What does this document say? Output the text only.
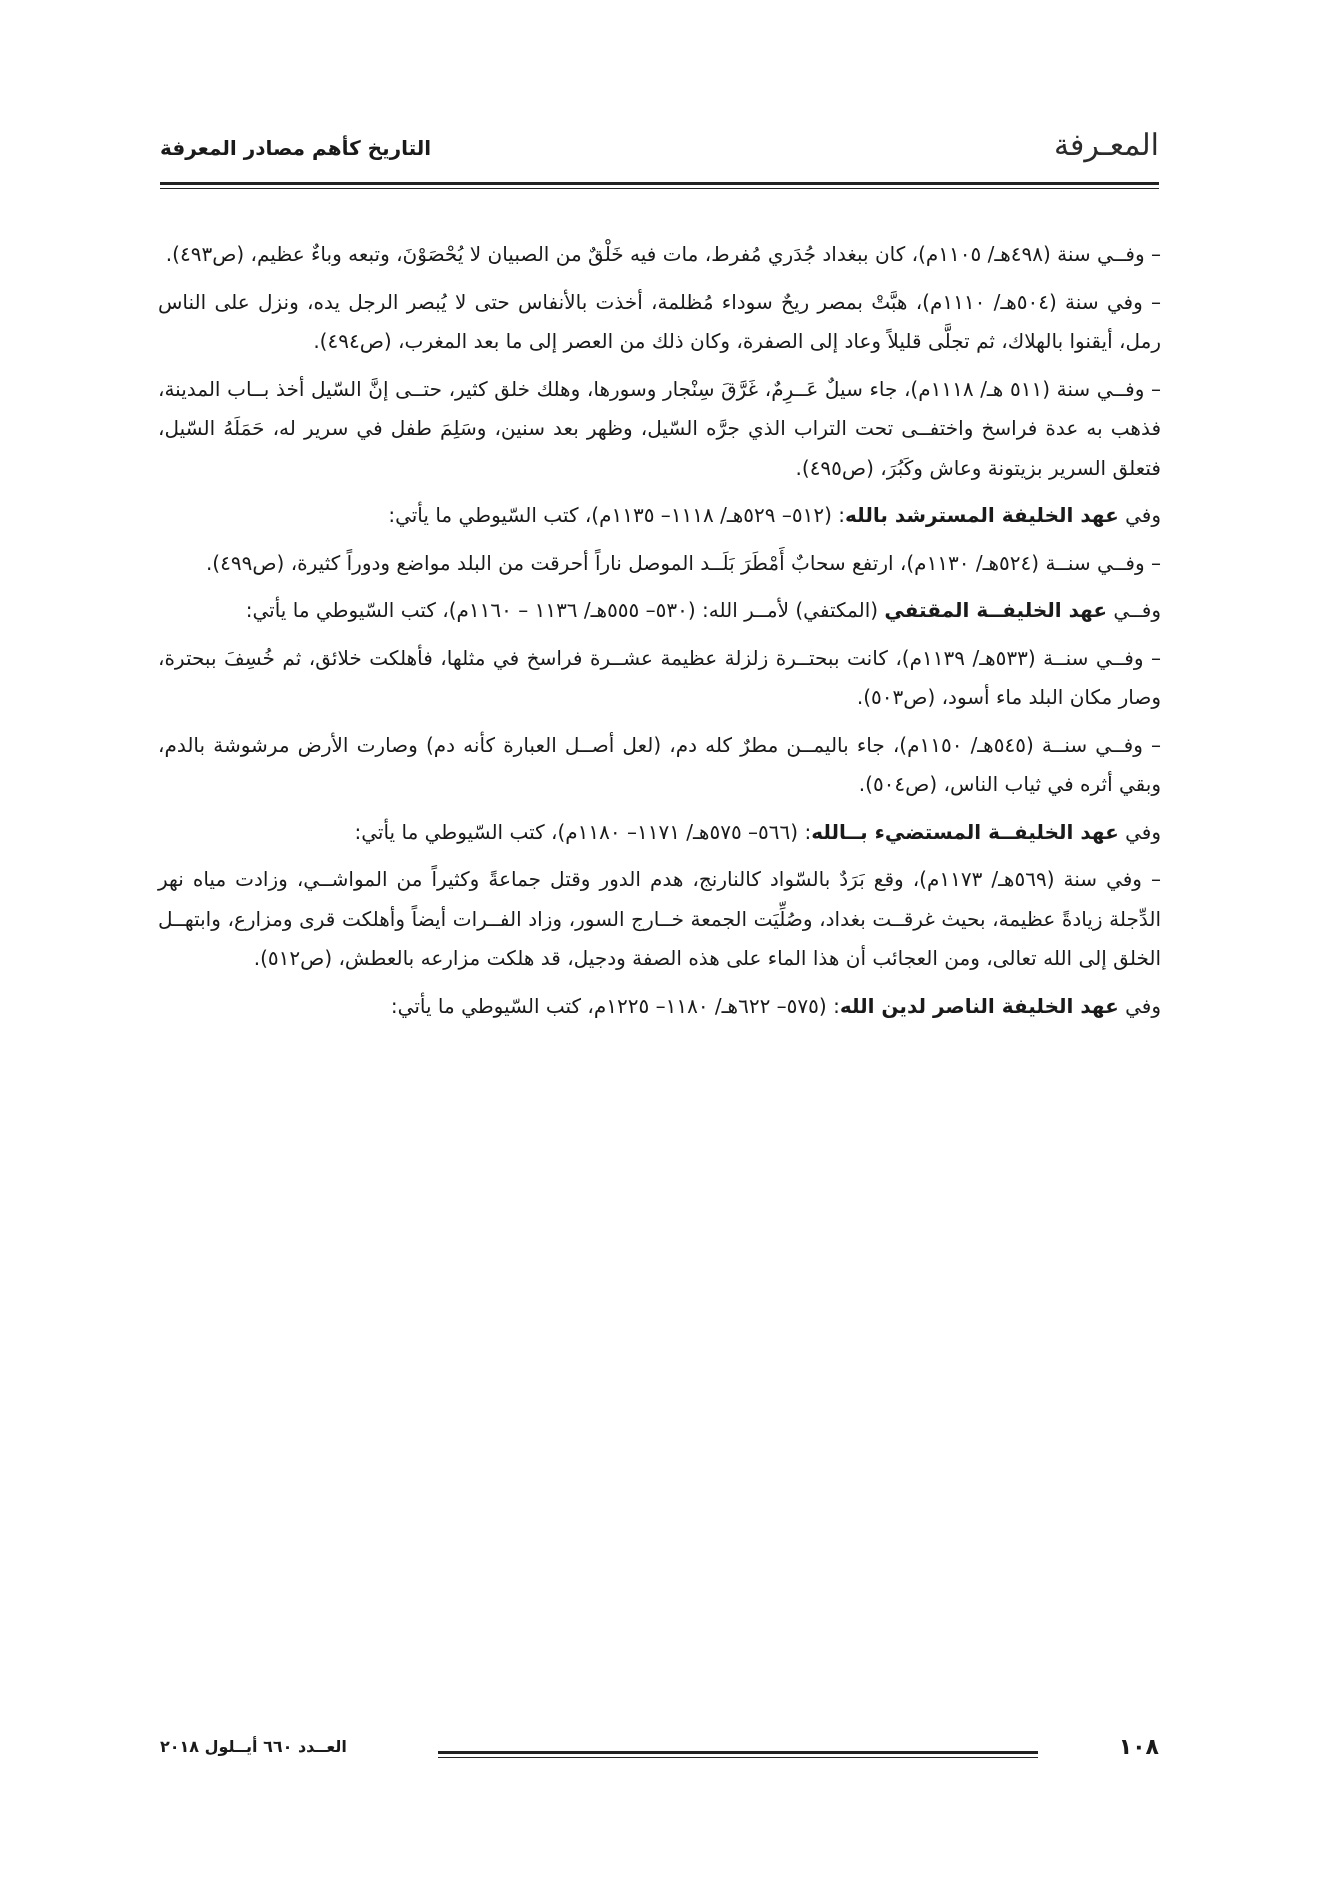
المعـرفة
التاريخ كأهم مصادر المعرفة

– وفــي سنة (٤٩٨هـ/ ١١٠٥م)، كان ببغداد جُدَري مُفرط، مات فيه خَلْقٌ من الصبيان لا يُحْصَوْنَ، وتبعه وباءٌ عظيم، (ص٤٩٣).

– وفي سنة (٥٠٤هـ/ ١١١٠م)، هبَّتْ بمصر ريحٌ سوداء مُظلمة، أخذت بالأنفاس حتى لا يُبصر الرجل يده، ونزل على الناس رمل، أيقنوا بالهلاك، ثم تجلَّى قليلاً وعاد إلى الصفرة، وكان ذلك من العصر إلى ما بعد المغرب، (ص٤٩٤).

– وفــي سنة (٥١١ هـ/ ١١١٨م)، جاء سيلٌ عَــرِمٌ، غَرَّقَ سِنْجار وسورها، وهلك خلق كثير، حتــى إنَّ السّيل أخذ بــاب المدينة، فذهب به عدة فراسخ واختفــى تحت التراب الذي جرَّه السّيل، وظهر بعد سنين، وسَلِمَ طفل في سرير له، حَمَلَهُ السّيل، فتعلق السرير بزيتونة وعاش وكَبُرَ، (ص٤٩٥).

وفي عهد الخليفة المسترشد بالله: (٥١٢– ٥٢٩هـ/ ١١١٨– ١١٣٥م)، كتب السّيوطي ما يأتي:

– وفــي سنــة (٥٢٤هـ/ ١١٣٠م)، ارتفع سحابٌ أَمْطَرَ بَلَــد الموصل ناراً أحرقت من البلد مواضع ودوراً كثيرة، (ص٤٩٩).

وفــي عهد الخليفــة المقتفي (المكتفي) لأمــر الله: (٥٣٠– ٥٥٥هـ/ ١١٣٦ – ١١٦٠م)، كتب السّيوطي ما يأتي:

– وفــي سنــة (٥٣٣هـ/ ١١٣٩م)، كانت ببحتــرة زلزلة عظيمة عشــرة فراسخ في مثلها، فأهلكت خلائق، ثم خُسِفَ ببحترة، وصار مكان البلد ماء أسود، (ص٥٠٣).

– وفــي سنــة (٥٤٥هـ/ ١١٥٠م)، جاء باليمــن مطرٌ كله دم، (لعل أصــل العبارة كأنه دم) وصارت الأرض مرشوشة بالدم، وبقي أثره في ثياب الناس، (ص٥٠٤).

وفي عهد الخليفــة المستضيء بــالله: (٥٦٦– ٥٧٥هـ/ ١١٧١– ١١٨٠م)، كتب السّيوطي ما يأتي:

– وفي سنة (٥٦٩هـ/ ١١٧٣م)، وقع بَرَدٌ بالسّواد كالنارنج، هدم الدور وقتل جماعةً وكثيراً من المواشــي، وزادت مياه نهر الدِّجلة زيادةً عظيمة، بحيث غرقــت بغداد، وصُلِّيَت الجمعة خــارج السور، وزاد الفــرات أيضاً وأهلكت قرى ومزارع، وابتهــل الخلق إلى الله تعالى، ومن العجائب أن هذا الماء على هذه الصفة ودجيل، قد هلكت مزارعه بالعطش، (ص٥١٢).

وفي عهد الخليفة الناصر لدين الله: (٥٧٥– ٦٢٢هـ/ ١١٨٠– ١٢٢٥م، كتب السّيوطي ما يأتي:

١٠٨
العــدد ٦٦٠ أيــلول ٢٠١٨
